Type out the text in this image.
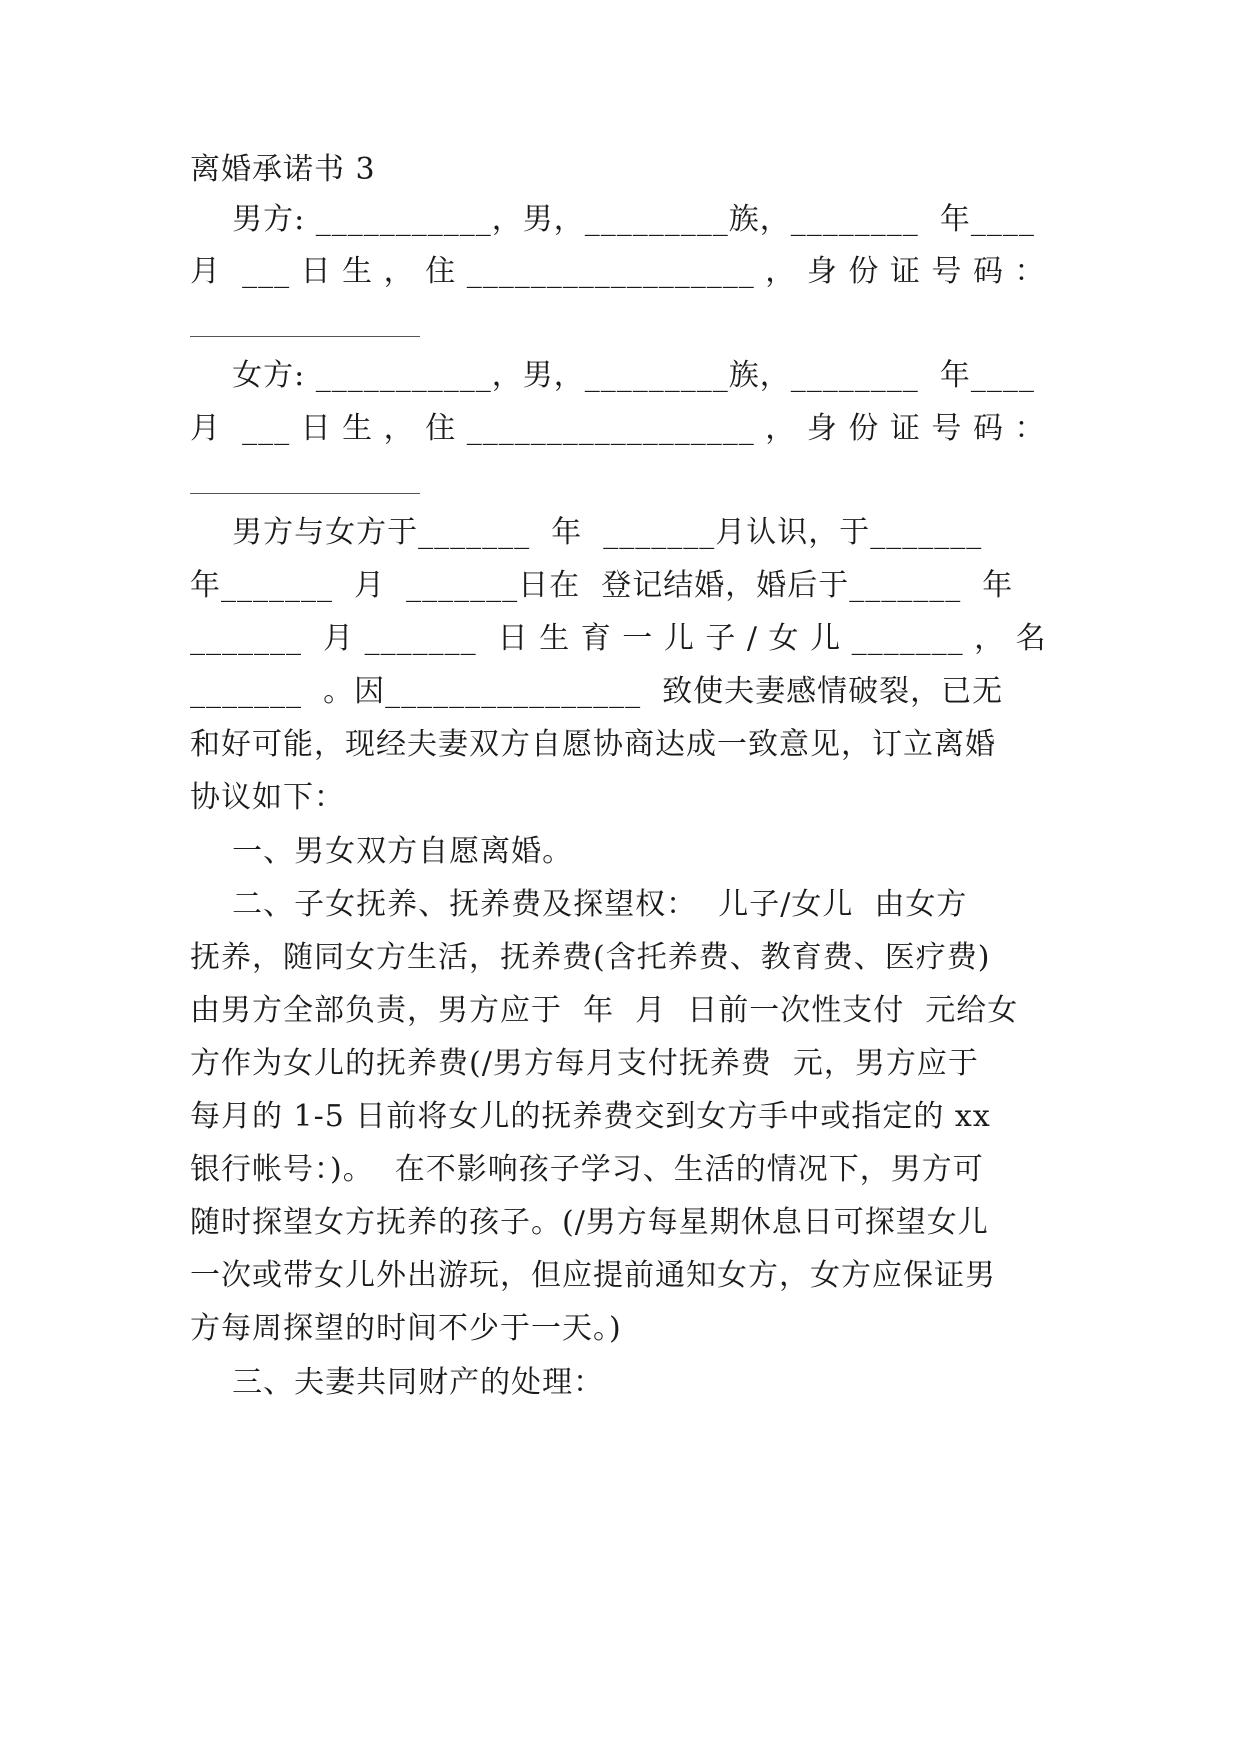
离婚承诺书 3
男方: ___________，男，_________族，________  年____
月  ___ 日 生 ， 住 __________________ ， 身 份 证 号 码 ：
女方: ___________，男，_________族，________  年____
月  ___ 日 生 ， 住 __________________ ， 身 份 证 号 码 ：
男方与女方于_______  年  _______月认识，于_______
年_______  月  _______日在  登记结婚，婚后于_______  年
_______  月 _______  日 生 育 一 儿 子 / 女 儿 _______ ， 名
_______  。因________________  致使夫妻感情破裂，已无
和好可能，现经夫妻双方自愿协商达成一致意见，订立离婚
协议如下：
一、男女双方自愿离婚。
二、子女抚养、抚养费及探望权：  儿子/女儿  由女方
抚养，随同女方生活，抚养费(含托养费、教育费、医疗费)
由男方全部负责，男方应于  年  月  日前一次性支付  元给女
方作为女儿的抚养费(/男方每月支付抚养费  元，男方应于
每月的 1-5 日前将女儿的抚养费交到女方手中或指定的 xx
银行帐号：)。  在不影响孩子学习、生活的情况下，男方可
随时探望女方抚养的孩子。(/男方每星期休息日可探望女儿
一次或带女儿外出游玩，但应提前通知女方，女方应保证男
方每周探望的时间不少于一天。)
三、夫妻共同财产的处理：
